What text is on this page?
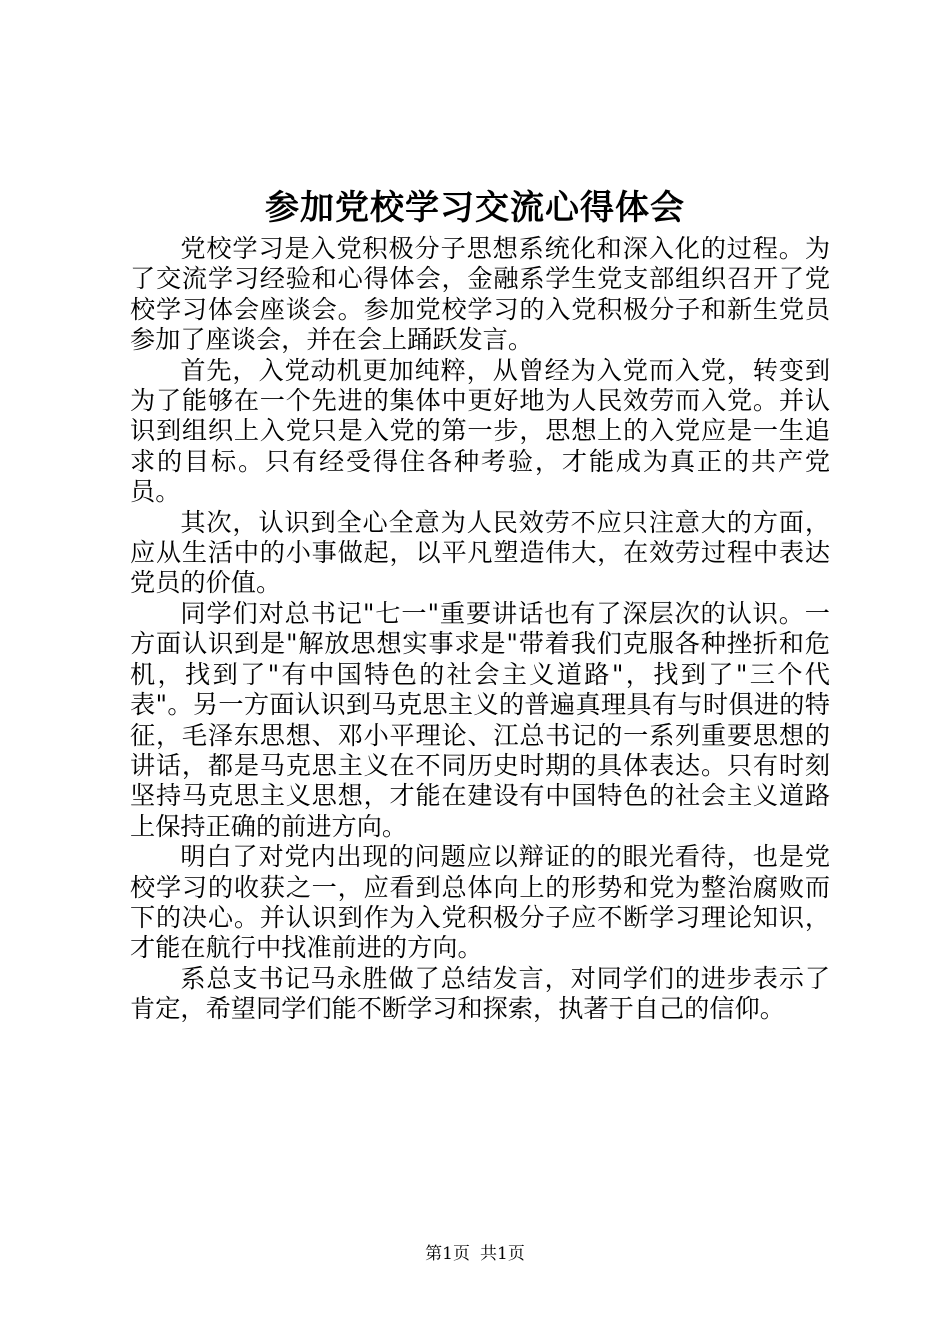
参加党校学习交流心得体会

党校学习是入党积极分子思想系统化和深入化的过程。为了交流学习经验和心得体会，金融系学生党支部组织召开了党校学习体会座谈会。参加党校学习的入党积极分子和新生党员参加了座谈会，并在会上踊跃发言。

首先，入党动机更加纯粹，从曾经为入党而入党，转变到为了能够在一个先进的集体中更好地为人民效劳而入党。并认识到组织上入党只是入党的第一步，思想上的入党应是一生追求的目标。只有经受得住各种考验，才能成为真正的共产党员。

其次，认识到全心全意为人民效劳不应只注意大的方面，应从生活中的小事做起，以平凡塑造伟大，在效劳过程中表达党员的价值。

同学们对总书记"七一"重要讲话也有了深层次的认识。一方面认识到是"解放思想实事求是"带着我们克服各种挫折和危机，找到了"有中国特色的社会主义道路"，找到了"三个代表"。另一方面认识到马克思主义的普遍真理具有与时俱进的特征，毛泽东思想、邓小平理论、江总书记的一系列重要思想的讲话，都是马克思主义在不同历史时期的具体表达。只有时刻坚持马克思主义思想，才能在建设有中国特色的社会主义道路上保持正确的前进方向。

明白了对党内出现的问题应以辩证的的眼光看待，也是党校学习的收获之一，应看到总体向上的形势和党为整治腐败而下的决心。并认识到作为入党积极分子应不断学习理论知识，才能在航行中找准前进的方向。

系总支书记马永胜做了总结发言，对同学们的进步表示了肯定，希望同学们能不断学习和探索，执著于自己的信仰。

第1页 共1页
